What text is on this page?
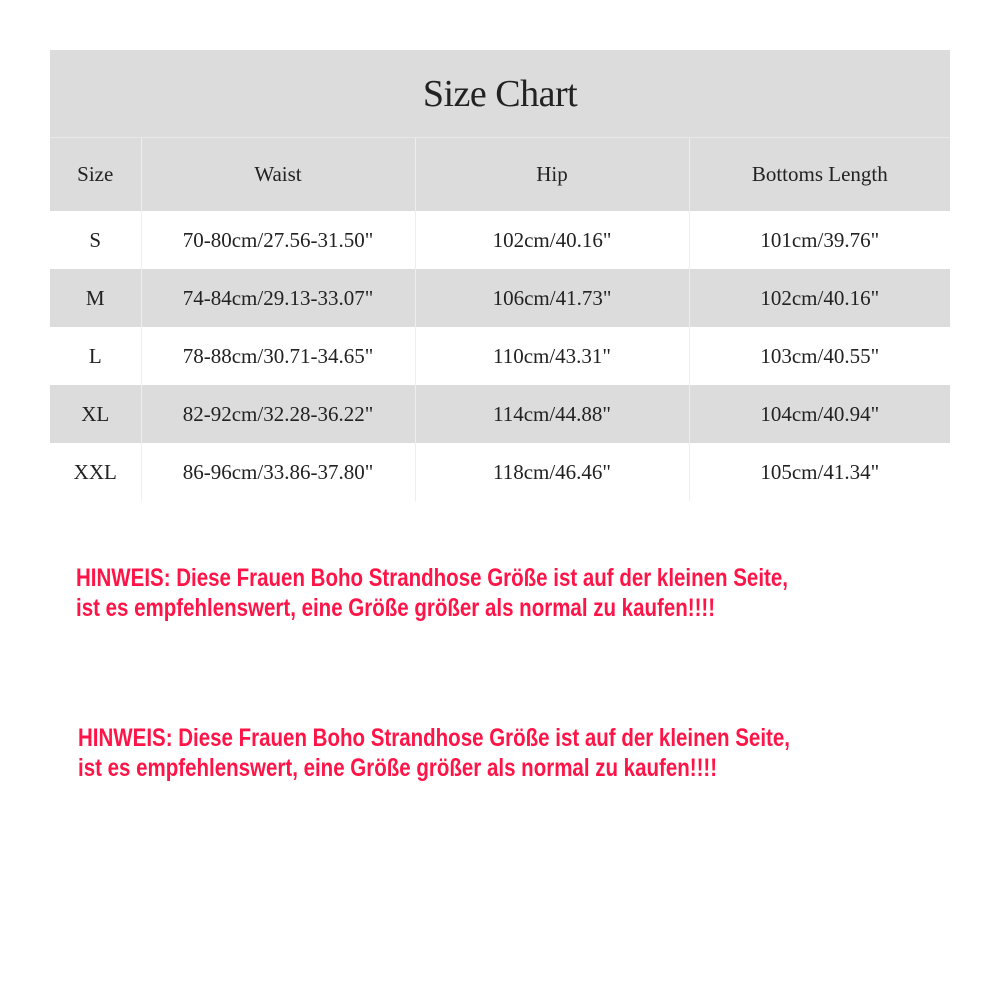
Size Chart			
Size	Waist	Hip	Bottoms Length
S	70-80cm/27.56-31.50"	102cm/40.16"	101cm/39.76"
M	74-84cm/29.13-33.07"	106cm/41.73"	102cm/40.16"
L	78-88cm/30.71-34.65"	110cm/43.31"	103cm/40.55"
XL	82-92cm/32.28-36.22"	114cm/44.88"	104cm/40.94"
XXL	86-96cm/33.86-37.80"	118cm/46.46"	105cm/41.34"

HINWEIS: Diese Frauen Boho Strandhose Größe ist auf der kleinen Seite,
ist es empfehlenswert, eine Größe größer als normal zu kaufen!!!!

HINWEIS: Diese Frauen Boho Strandhose Größe ist auf der kleinen Seite,
ist es empfehlenswert, eine Größe größer als normal zu kaufen!!!!
